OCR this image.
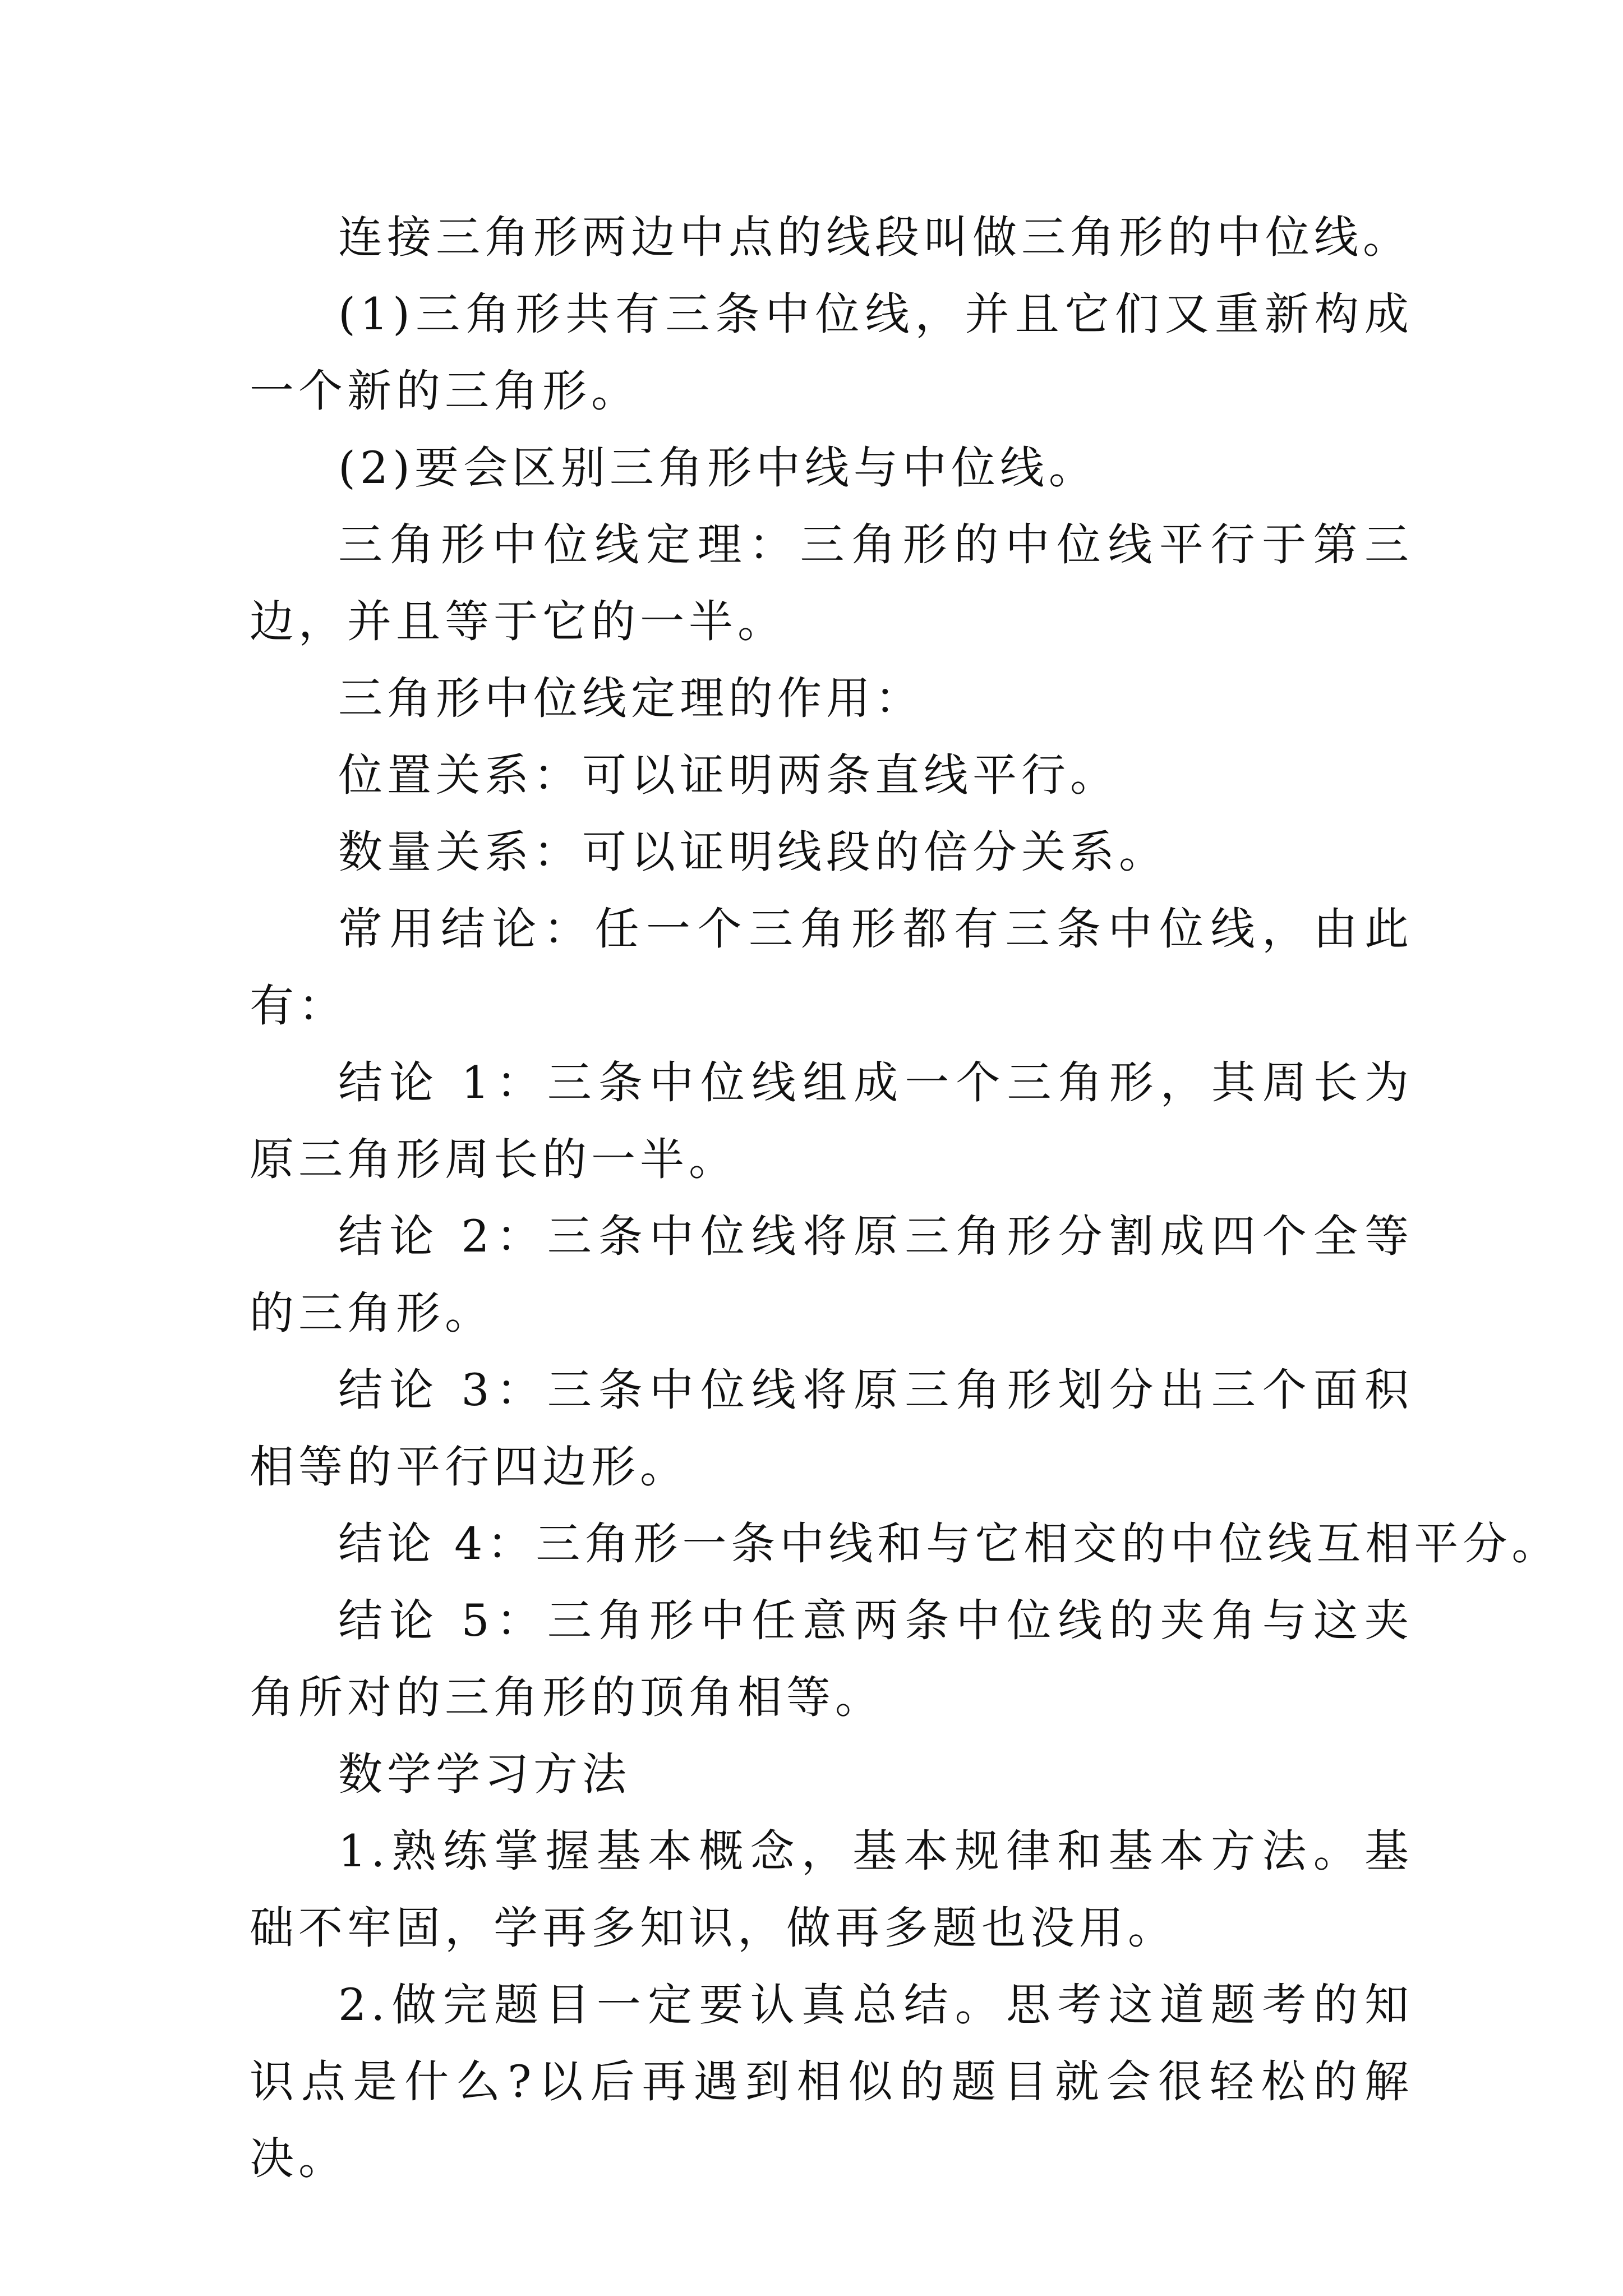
连接三角形两边中点的线段叫做三角形的中位线。

(1)三角形共有三条中位线，并且它们又重新构成一个新的三角形。

(2)要会区别三角形中线与中位线。

三角形中位线定理：三角形的中位线平行于第三边，并且等于它的一半。

三角形中位线定理的作用：

位置关系：可以证明两条直线平行。

数量关系：可以证明线段的倍分关系。

常用结论：任一个三角形都有三条中位线，由此有：

结论 1：三条中位线组成一个三角形，其周长为原三角形周长的一半。

结论 2：三条中位线将原三角形分割成四个全等的三角形。

结论 3：三条中位线将原三角形划分出三个面积相等的平行四边形。

结论 4：三角形一条中线和与它相交的中位线互相平分。

结论 5：三角形中任意两条中位线的夹角与这夹角所对的三角形的顶角相等。

数学学习方法

1.熟练掌握基本概念，基本规律和基本方法。基础不牢固，学再多知识，做再多题也没用。

2.做完题目一定要认真总结。思考这道题考的知识点是什么?以后再遇到相似的题目就会很轻松的解决。
